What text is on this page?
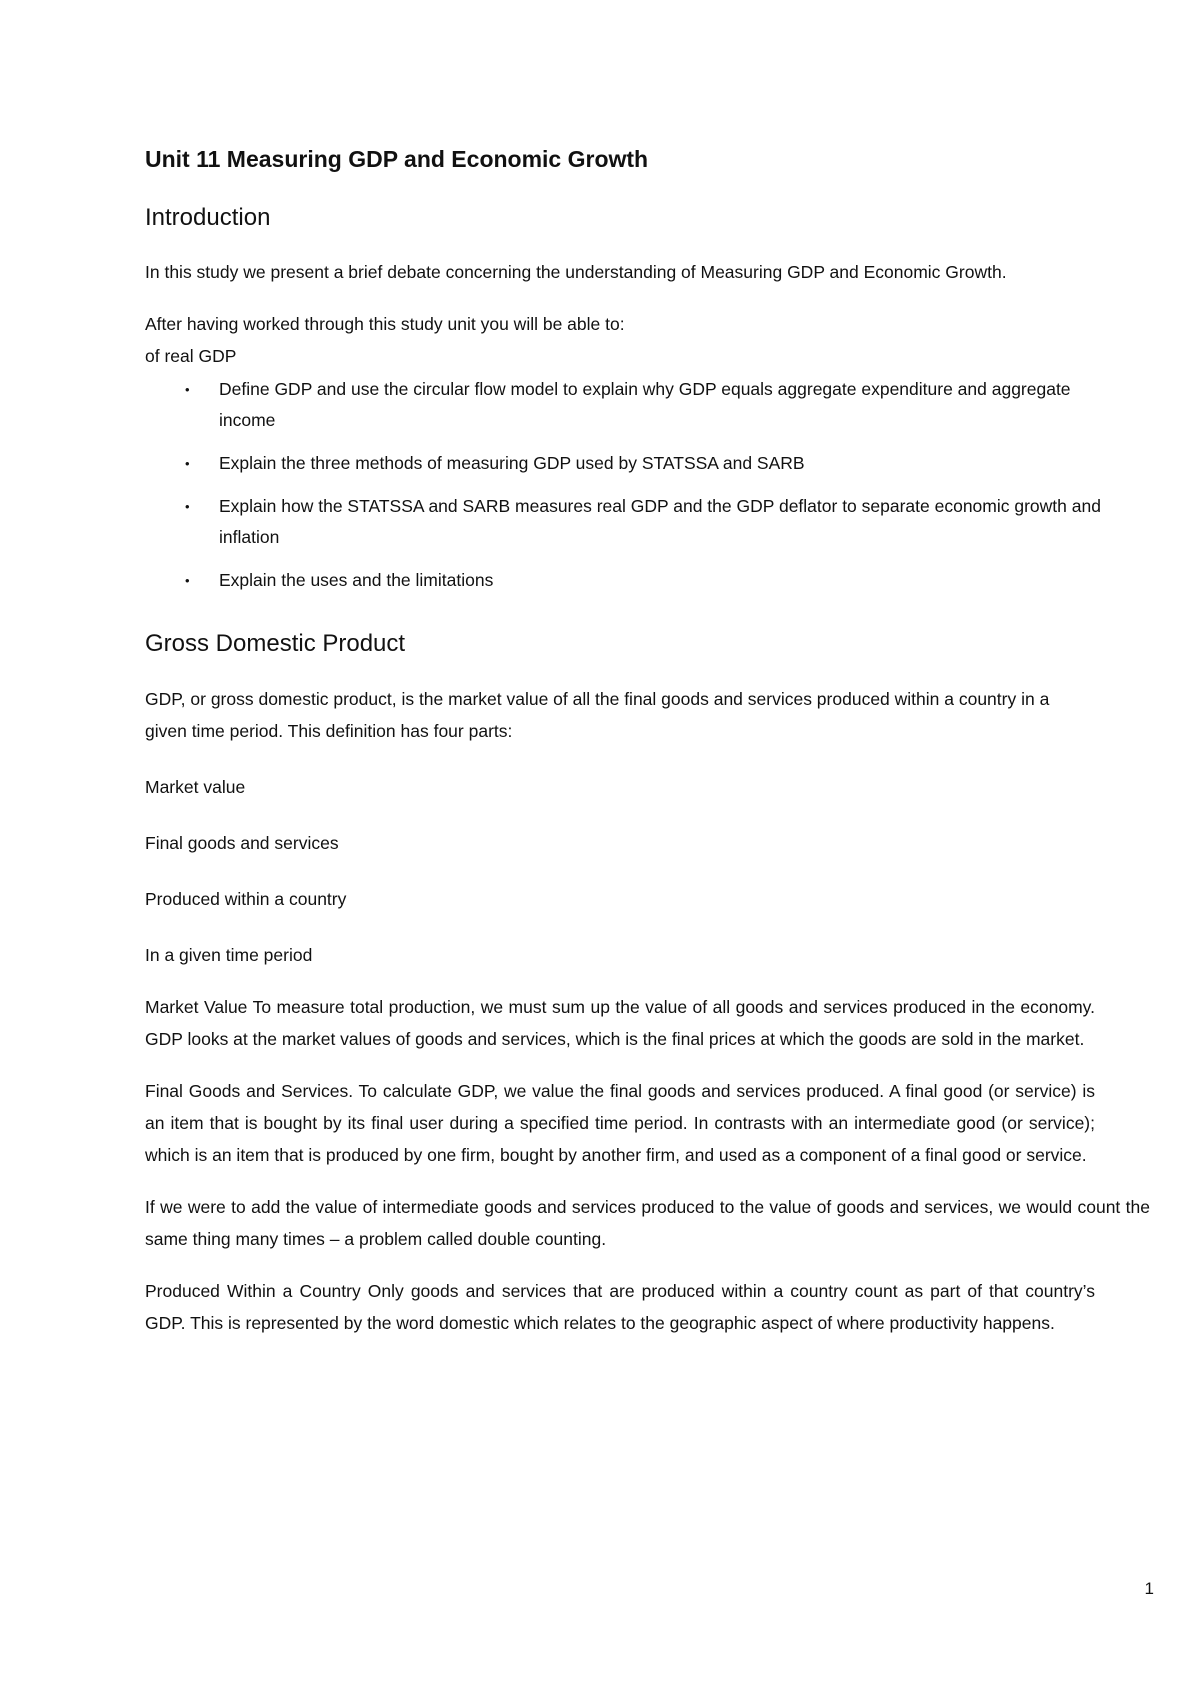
Unit 11 Measuring GDP and Economic Growth
Introduction

In this study we present a brief debate concerning the understanding of Measuring GDP and Economic Growth.

After having worked through this study unit you will be able to:

of real GDP

• Define GDP and use the circular flow model to explain why GDP equals aggregate expenditure and aggregate income
• Explain the three methods of measuring GDP used by STATSSA and SARB
• Explain how the STATSSA and SARB measures real GDP and the GDP deflator to separate economic growth and inflation
• Explain the uses and the limitations
Gross Domestic Product

GDP, or gross domestic product, is the market value of all the final goods and services produced within a country in a given time period. This definition has four parts:

Market value

Final goods and services

Produced within a country

In a given time period

Market Value To measure total production, we must sum up the value of all goods and services produced in the economy. GDP looks at the market values of goods and services, which is the final prices at which the goods are sold in the market.

Final Goods and Services. To calculate GDP, we value the final goods and services produced. A final good (or service) is an item that is bought by its final user during a specified time period. In contrasts with an intermediate good (or service); which is an item that is produced by one firm, bought by another firm, and used as a component of a final good or service.

If we were to add the value of intermediate goods and services produced to the value of goods and services, we would count the same thing many times – a problem called double counting.

Produced Within a Country Only goods and services that are produced within a country count as part of that country’s GDP. This is represented by the word domestic which relates to the geographic aspect of where productivity happens.

1
